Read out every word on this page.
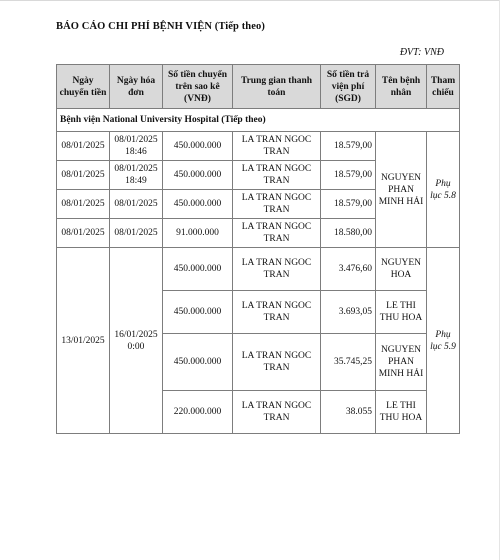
BÁO CÁO CHI PHÍ BỆNH VIỆN (Tiếp theo)
ĐVT: VNĐ
Ngày chuyển tiền	Ngày hóa đơn	Số tiền chuyển trên sao kê (VNĐ)	Trung gian thanh toán	Số tiền trả viện phí (SGD)	Tên bệnh nhân	Tham chiếu
Bệnh viện National University Hospital (Tiếp theo)						
08/01/2025	08/01/2025 18:46	450.000.000	LA TRAN NGOC TRAN	18.579,00	NGUYEN PHAN MINH HẢI	Phụ lục 5.8
08/01/2025	08/01/2025 18:49	450.000.000	LA TRAN NGOC TRAN	18.579,00		
08/01/2025	08/01/2025	450.000.000	LA TRAN NGOC TRAN	18.579,00		
08/01/2025	08/01/2025	91.000.000	LA TRAN NGOC TRAN	18.580,00		
13/01/2025	16/01/2025 0:00	450.000.000	LA TRAN NGOC TRAN	3.476,60	NGUYEN HOA	Phụ lục 5.9
		450.000.000	LA TRAN NGOC TRAN	3.693,05	LE THI THU HOA	
		450.000.000	LA TRAN NGOC TRAN	35.745,25	NGUYEN PHAN MINH HẢI	
		220.000.000	LA TRAN NGOC TRAN	38.055	LE THI THU HOA	
